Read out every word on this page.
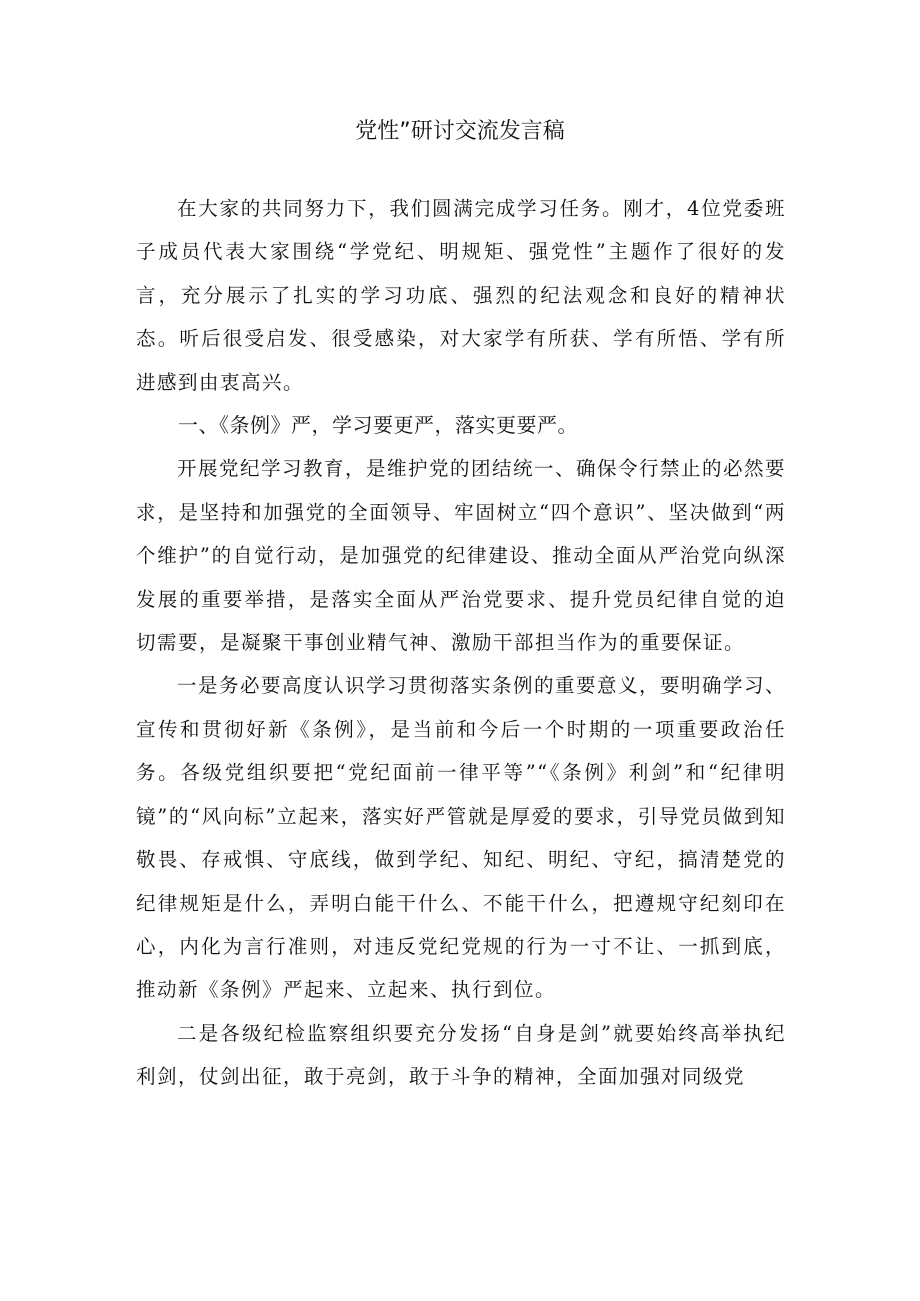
党性”研讨交流发言稿

在大家的共同努力下，我们圆满完成学习任务。刚才，4位党委班子成员代表大家围绕“学党纪、明规矩、强党性”主题作了很好的发言，充分展示了扎实的学习功底、强烈的纪法观念和良好的精神状态。听后很受启发、很受感染，对大家学有所获、学有所悟、学有所进感到由衷高兴。

一、《条例》严，学习要更严，落实更要严。

开展党纪学习教育，是维护党的团结统一、确保令行禁止的必然要求，是坚持和加强党的全面领导、牢固树立“四个意识”、坚决做到“两个维护”的自觉行动，是加强党的纪律建设、推动全面从严治党向纵深发展的重要举措，是落实全面从严治党要求、提升党员纪律自觉的迫切需要，是凝聚干事创业精气神、激励干部担当作为的重要保证。

一是务必要高度认识学习贯彻落实条例的重要意义，要明确学习、宣传和贯彻好新《条例》，是当前和今后一个时期的一项重要政治任务。各级党组织要把“党纪面前一律平等”“《条例》利剑”和“纪律明镜”的“风向标”立起来，落实好严管就是厚爱的要求，引导党员做到知敬畏、存戒惧、守底线，做到学纪、知纪、明纪、守纪，搞清楚党的纪律规矩是什么，弄明白能干什么、不能干什么，把遵规守纪刻印在心，内化为言行准则，对违反党纪党规的行为一寸不让、一抓到底，推动新《条例》严起来、立起来、执行到位。

二是各级纪检监察组织要充分发扬“自身是剑”就要始终高举执纪利剑，仗剑出征，敢于亮剑，敢于斗争的精神，全面加强对同级党
